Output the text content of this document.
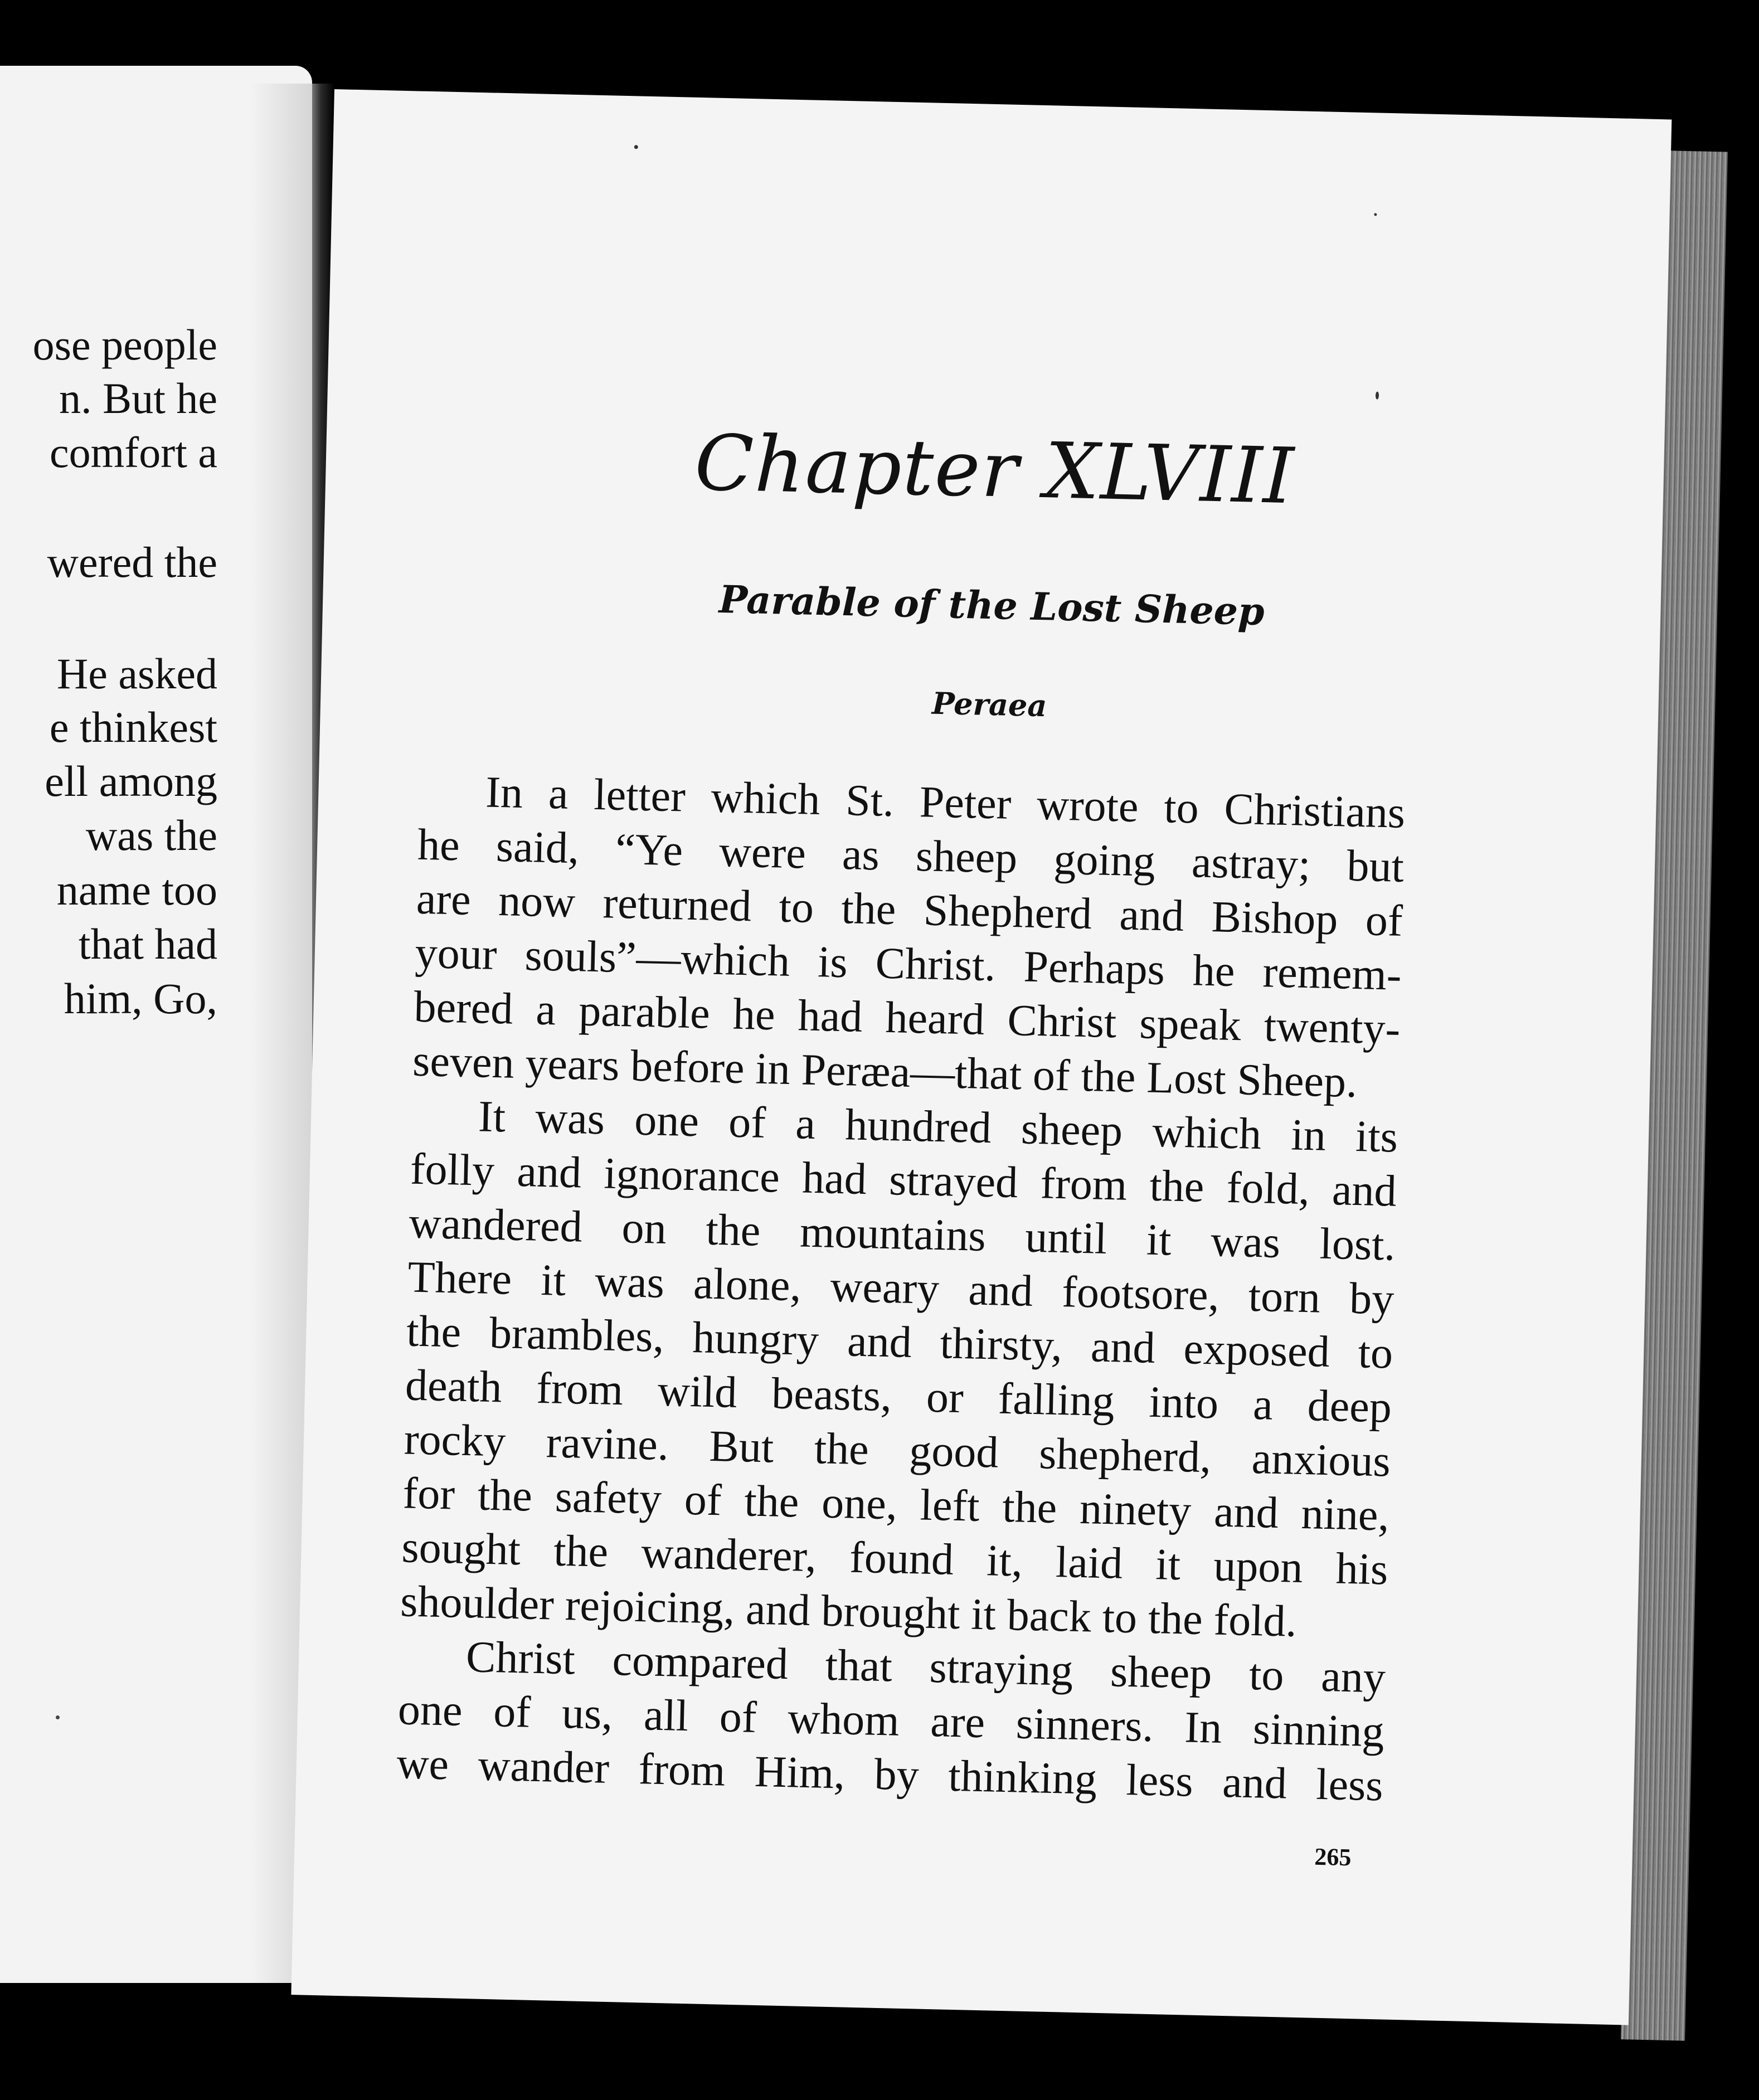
ose people
n. But he
comfort a
wered the
He asked
e thinkest
ell among
was the
name too
that had
him, Go,
Chapter XLVIII
Parable of the Lost Sheep
Peraea
In a letter which St. Peter wrote to Christians
he said, “Ye were as sheep going astray; but
are now returned to the Shepherd and Bishop of
your souls”—which is Christ. Perhaps he remem-
bered a parable he had heard Christ speak twenty-
seven years before in Peræa—that of the Lost Sheep.
It was one of a hundred sheep which in its
folly and ignorance had strayed from the fold, and
wandered on the mountains until it was lost.
There it was alone, weary and footsore, torn by
the brambles, hungry and thirsty, and exposed to
death from wild beasts, or falling into a deep
rocky ravine. But the good shepherd, anxious
for the safety of the one, left the ninety and nine,
sought the wanderer, found it, laid it upon his
shoulder rejoicing, and brought it back to the fold.
Christ compared that straying sheep to any
one of us, all of whom are sinners. In sinning
we wander from Him, by thinking less and less
265
